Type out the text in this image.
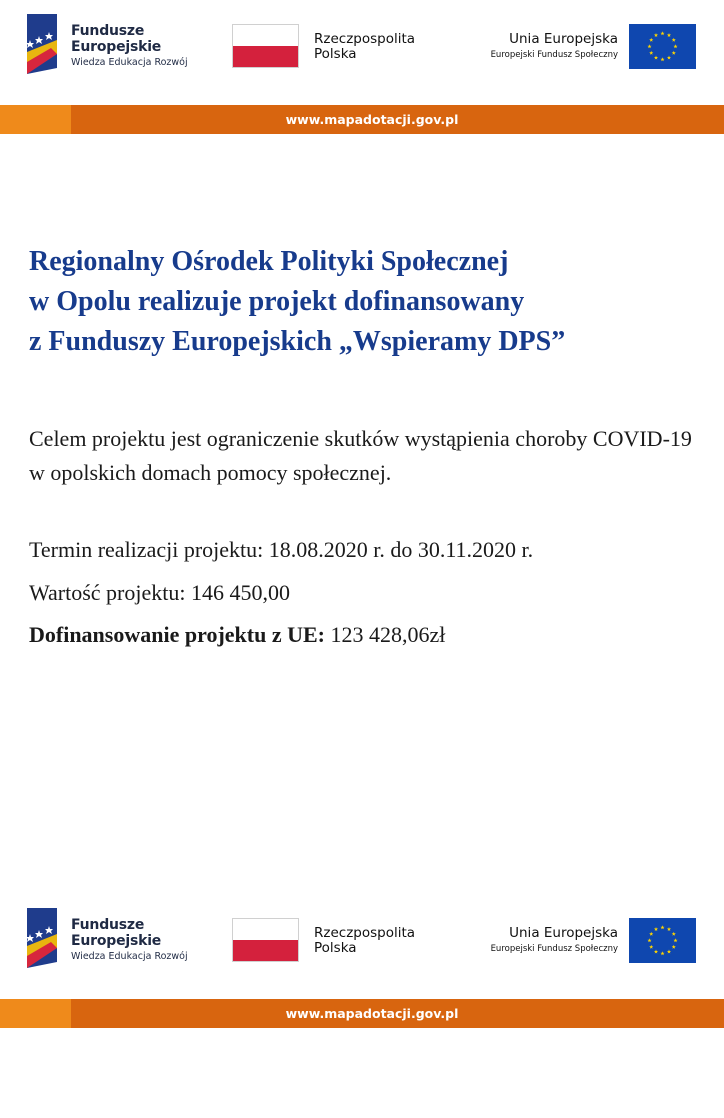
Fundusze
Europejskie
Wiedza Edukacja Rozwój
Rzeczpospolita
Polska
Unia Europejska
Europejski Fundusz Społeczny
www.mapadotacji.gov.pl
Regionalny Ośrodek Polityki Społecznej
w Opolu realizuje projekt dofinansowany
z Funduszy Europejskich „Wspieramy DPS”

Celem projektu jest ograniczenie skutków wystąpienia choroby COVID-19 w opolskich domach pomocy społecznej.

Termin realizacji projektu: 18.08.2020 r. do 30.11.2020 r.

Wartość projektu: 146 450,00

Dofinansowanie projektu z UE: 123 428,06zł

Fundusze
Europejskie
Wiedza Edukacja Rozwój
Rzeczpospolita
Polska
Unia Europejska
Europejski Fundusz Społeczny
www.mapadotacji.gov.pl
